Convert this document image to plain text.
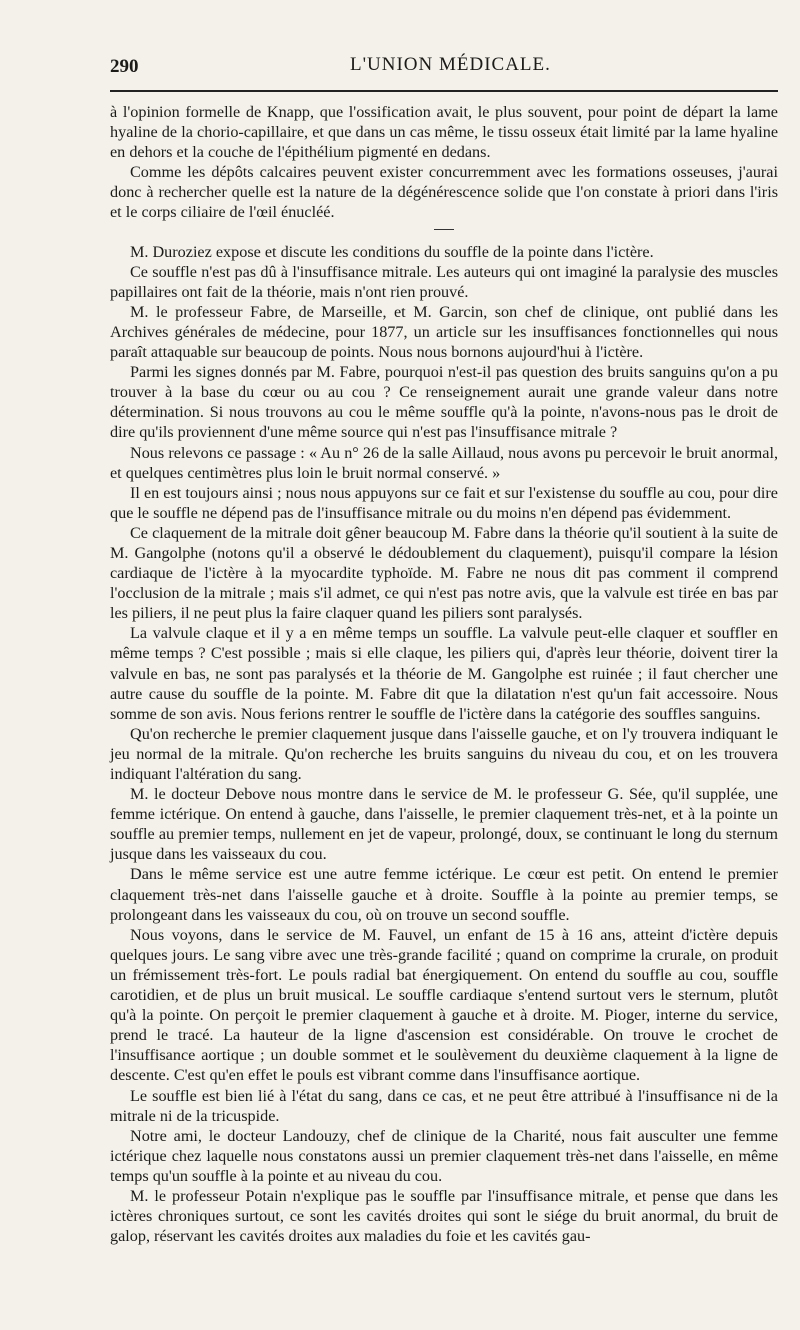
290	L'UNION MÉDICALE.

à l'opinion formelle de Knapp, que l'ossification avait, le plus souvent, pour point de départ la lame hyaline de la chorio-capillaire, et que dans un cas même, le tissu osseux était limité par la lame hyaline en dehors et la couche de l'épithélium pigmenté en dedans.

Comme les dépôts calcaires peuvent exister concurremment avec les formations osseuses, j'aurai donc à rechercher quelle est la nature de la dégénérescence solide que l'on constate à priori dans l'iris et le corps ciliaire de l'œil énucléé.

M. Duroziez expose et discute les conditions du souffle de la pointe dans l'ictère.

Ce souffle n'est pas dû à l'insuffisance mitrale. Les auteurs qui ont imaginé la paralysie des muscles papillaires ont fait de la théorie, mais n'ont rien prouvé.

M. le professeur Fabre, de Marseille, et M. Garcin, son chef de clinique, ont publié dans les Archives générales de médecine, pour 1877, un article sur les insuffisances fonctionnelles qui nous paraît attaquable sur beaucoup de points. Nous nous bornons aujourd'hui à l'ictère.

Parmi les signes donnés par M. Fabre, pourquoi n'est-il pas question des bruits sanguins qu'on a pu trouver à la base du cœur ou au cou ? Ce renseignement aurait une grande valeur dans notre détermination. Si nous trouvons au cou le même souffle qu'à la pointe, n'avons-nous pas le droit de dire qu'ils proviennent d'une même source qui n'est pas l'insuffisance mitrale ?

Nous relevons ce passage : « Au n° 26 de la salle Aillaud, nous avons pu percevoir le bruit anormal, et quelques centimètres plus loin le bruit normal conservé. »

Il en est toujours ainsi ; nous nous appuyons sur ce fait et sur l'existense du souffle au cou, pour dire que le souffle ne dépend pas de l'insuffisance mitrale ou du moins n'en dépend pas évidemment.

Ce claquement de la mitrale doit gêner beaucoup M. Fabre dans la théorie qu'il soutient à la suite de M. Gangolphe (notons qu'il a observé le dédoublement du claquement), puisqu'il compare la lésion cardiaque de l'ictère à la myocardite typhoïde. M. Fabre ne nous dit pas comment il comprend l'occlusion de la mitrale ; mais s'il admet, ce qui n'est pas notre avis, que la valvule est tirée en bas par les piliers, il ne peut plus la faire claquer quand les piliers sont paralysés.

La valvule claque et il y a en même temps un souffle. La valvule peut-elle claquer et souffler en même temps ? C'est possible ; mais si elle claque, les piliers qui, d'après leur théorie, doivent tirer la valvule en bas, ne sont pas paralysés et la théorie de M. Gangolphe est ruinée ; il faut chercher une autre cause du souffle de la pointe. M. Fabre dit que la dilatation n'est qu'un fait accessoire. Nous somme de son avis. Nous ferions rentrer le souffle de l'ictère dans la catégorie des souffles sanguins.

Qu'on recherche le premier claquement jusque dans l'aisselle gauche, et on l'y trouvera indiquant le jeu normal de la mitrale. Qu'on recherche les bruits sanguins du niveau du cou, et on les trouvera indiquant l'altération du sang.

M. le docteur Debove nous montre dans le service de M. le professeur G. Sée, qu'il supplée, une femme ictérique. On entend à gauche, dans l'aisselle, le premier claquement très-net, et à la pointe un souffle au premier temps, nullement en jet de vapeur, prolongé, doux, se continuant le long du sternum jusque dans les vaisseaux du cou.

Dans le même service est une autre femme ictérique. Le cœur est petit. On entend le premier claquement très-net dans l'aisselle gauche et à droite. Souffle à la pointe au premier temps, se prolongeant dans les vaisseaux du cou, où on trouve un second souffle.

Nous voyons, dans le service de M. Fauvel, un enfant de 15 à 16 ans, atteint d'ictère depuis quelques jours. Le sang vibre avec une très-grande facilité ; quand on comprime la crurale, on produit un frémissement très-fort. Le pouls radial bat énergiquement. On entend du souffle au cou, souffle carotidien, et de plus un bruit musical. Le souffle cardiaque s'entend surtout vers le sternum, plutôt qu'à la pointe. On perçoit le premier claquement à gauche et à droite. M. Pioger, interne du service, prend le tracé. La hauteur de la ligne d'ascension est considérable. On trouve le crochet de l'insuffisance aortique ; un double sommet et le soulèvement du deuxième claquement à la ligne de descente. C'est qu'en effet le pouls est vibrant comme dans l'insuffisance aortique.

Le souffle est bien lié à l'état du sang, dans ce cas, et ne peut être attribué à l'insuffisance ni de la mitrale ni de la tricuspide.

Notre ami, le docteur Landouzy, chef de clinique de la Charité, nous fait ausculter une femme ictérique chez laquelle nous constatons aussi un premier claquement très-net dans l'aisselle, en même temps qu'un souffle à la pointe et au niveau du cou.

M. le professeur Potain n'explique pas le souffle par l'insuffisance mitrale, et pense que dans les ictères chroniques surtout, ce sont les cavités droites qui sont le siége du bruit anormal, du bruit de galop, réservant les cavités droites aux maladies du foie et les cavités gau-
